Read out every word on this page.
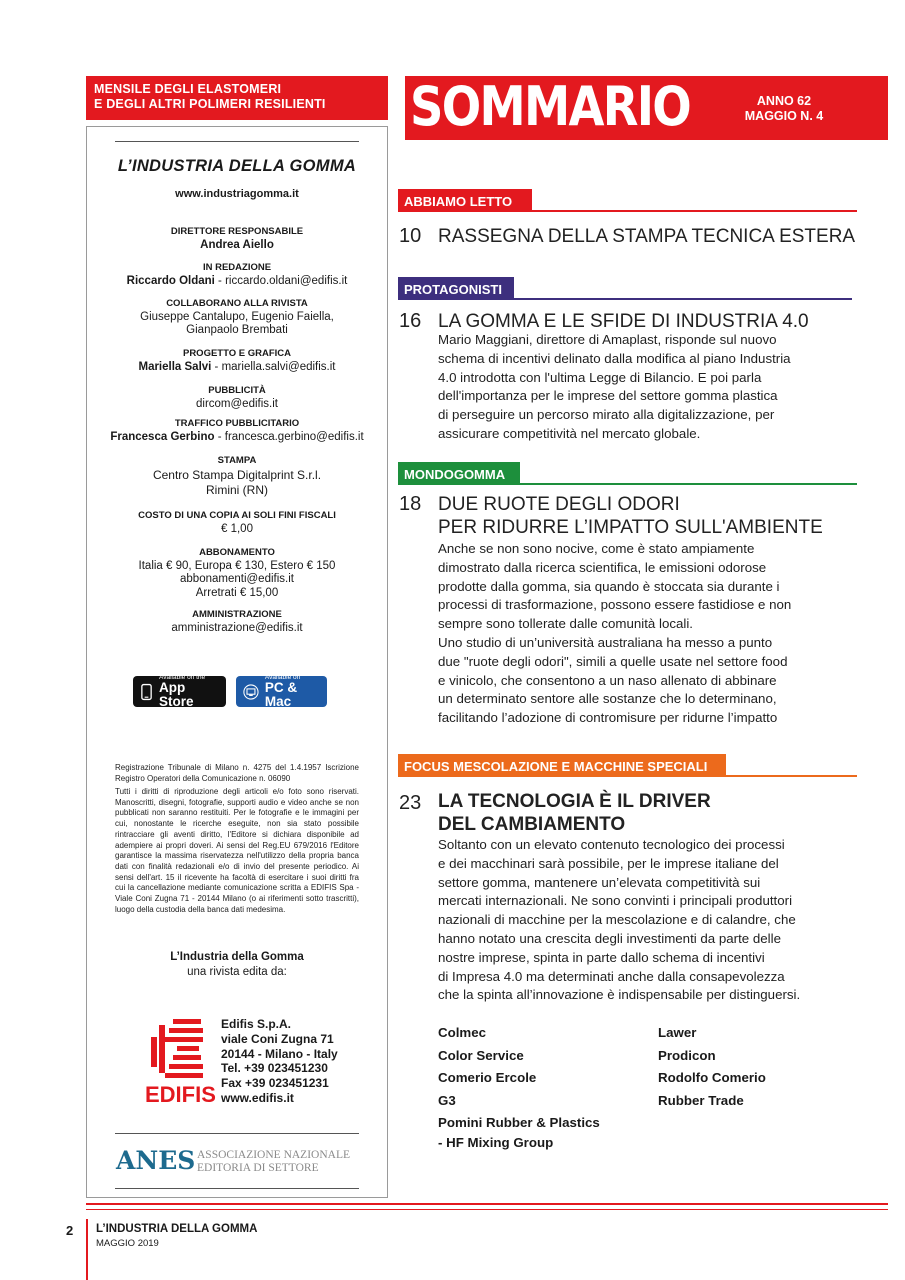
MENSILE DEGLI ELASTOMERI
E DEGLI ALTRI POLIMERI RESILIENTI
L’INDUSTRIA DELLA GOMMA
www.industriagomma.it
DIRETTORE RESPONSABILE
Andrea Aiello
IN REDAZIONE
Riccardo Oldani - riccardo.oldani@edifis.it
COLLABORANO ALLA RIVISTA
Giuseppe Cantalupo, Eugenio Faiella,
Gianpaolo Brembati
PROGETTO E GRAFICA
Mariella Salvi - mariella.salvi@edifis.it
PUBBLICITÀ
dircom@edifis.it
TRAFFICO PUBBLICITARIO
Francesca Gerbino - francesca.gerbino@edifis.it
STAMPA
Centro Stampa Digitalprint S.r.l.
Rimini (RN)
COSTO DI UNA COPIA AI SOLI FINI FISCALI
€ 1,00
ABBONAMENTO
Italia € 90, Europa € 130, Estero € 150
abbonamenti@edifis.it
Arretrati € 15,00
AMMINISTRAZIONE
amministrazione@edifis.it
Available on the
App Store
Available on
PC & Mac
Registrazione Tribunale di Milano n. 4275 del 1.4.1957 Iscrizione Registro Operatori della Comunicazione n. 06090
Tutti i diritti di riproduzione degli articoli e/o foto sono riservati. Manoscritti, disegni, fotografie, supporti audio e video anche se non pubblicati non saranno restituiti. Per le fotografie e le immagini per cui, nonostante le ricerche eseguite, non sia stato possibile rintracciare gli aventi diritto, l'Editore si dichiara disponibile ad adempiere ai propri doveri. Ai sensi del Reg.EU 679/2016 l'Editore garantisce la massima riservatezza nell'utilizzo della propria banca dati con finalità redazionali e/o di invio del presente periodico. Ai sensi dell'art. 15 il ricevente ha facoltà di esercitare i suoi diritti fra cui la cancellazione mediante comunicazione scritta a EDIFIS Spa - Viale Coni Zugna 71 - 20144 Milano (o ai riferimenti sotto trascritti), luogo della custodia della banca dati medesima.
L’Industria della Gomma
una rivista edita da:
EDIFIS
Edifis S.p.A.
viale Coni Zugna 71
20144 - Milano - Italy
Tel. +39 023451230
Fax +39 023451231
www.edifis.it
ANES ASSOCIAZIONE NAZIONALE
EDITORIA DI SETTORE
SOMMARIO	ANNO 62
MAGGIO N. 4
ABBIAMO LETTO
10 RASSEGNA DELLA STAMPA TECNICA ESTERA
PROTAGONISTI
16 LA GOMMA E LE SFIDE DI INDUSTRIA 4.0
Mario Maggiani, direttore di Amaplast, risponde sul nuovo
schema di incentivi delinato dalla modifica al piano Industria
4.0 introdotta con l'ultima Legge di Bilancio. E poi parla
dell'importanza per le imprese del settore gomma plastica
di perseguire un percorso mirato alla digitalizzazione, per
assicurare competitività nel mercato globale.
MONDOGOMMA
18 DUE RUOTE DEGLI ODORI
PER RIDURRE L’IMPATTO SULL'AMBIENTE
Anche se non sono nocive, come è stato ampiamente
dimostrato dalla ricerca scientifica, le emissioni odorose
prodotte dalla gomma, sia quando è stoccata sia durante i
processi di trasformazione, possono essere fastidiose e non
sempre sono tollerate dalle comunità locali.
Uno studio di un’università australiana ha messo a punto
due "ruote degli odori", simili a quelle usate nel settore food
e vinicolo, che consentono a un naso allenato di abbinare
un determinato sentore alle sostanze che lo determinano,
facilitando l’adozione di contromisure per ridurne l’impatto
FOCUS MESCOLAZIONE E MACCHINE SPECIALI
23 LA TECNOLOGIA È IL DRIVER
DEL CAMBIAMENTO
Soltanto con un elevato contenuto tecnologico dei processi
e dei macchinari sarà possibile, per le imprese italiane del
settore gomma, mantenere un’elevata competitività sui
mercati internazionali. Ne sono convinti i principali produttori
nazionali di macchine per la mescolazione e di calandre, che
hanno notato una crescita degli investimenti da parte delle
nostre imprese, spinta in parte dallo schema di incentivi
di Impresa 4.0 ma determinati anche dalla consapevolezza
che la spinta all’innovazione è indispensabile per distinguersi.
Colmec
Color Service
Comerio Ercole
G3
Pomini Rubber & Plastics
- HF Mixing Group
Lawer
Prodicon
Rodolfo Comerio
Rubber Trade
2 L’INDUSTRIA DELLA GOMMA
MAGGIO 2019
